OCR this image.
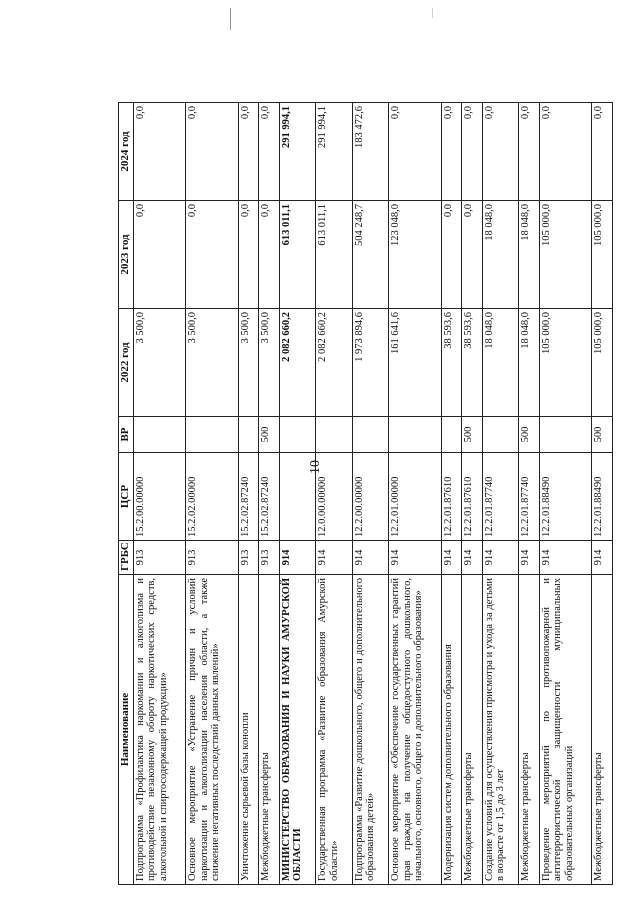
10
Наименование	ГРБС	ЦСР	ВР	2022 год	2023 год	2024 год
Подпрограмма «Профилактика наркомании и алкоголизма и противодействие незаконному обороту наркотических средств, алкогольной и спиртосодержащей продукции»	913	15.2.00.00000		3 500,0	0,0	0,0
Основное мероприятие «Устранение причин и условий наркотизации и алкоголизации населения области, а также снижение негативных последствий данных явлений»	913	15.2.02.00000		3 500,0	0,0	0,0
Уничтожение сырьевой базы конопли	913	15.2.02.87240		3 500,0	0,0	0,0
Межбюджетные трансферты	913	15.2.02.87240	500	3 500,0	0,0	0,0
МИНИСТЕРСТВО ОБРАЗОВАНИЯ И НАУКИ АМУРСКОЙ ОБЛАСТИ	914			2 082 660,2	613 011,1	291 994,1
Государственная программа «Развитие образования Амурской области»	914	12.0.00.00000		2 082 660,2	613 011,1	291 994,1
Подпрограмма «Развитие дошкольного, общего и дополнительного образования детей»	914	12.2.00.00000		1 973 894,6	504 248,7	183 472,6
Основное мероприятие «Обеспечение государственных гарантий прав граждан на получение общедоступного дошкольного, начального, основного, общего и дополнительного образования»	914	12.2.01.00000		161 641,6	123 048,0	0,0
Модернизация систем дополнительного образования	914	12.2.01.87610		38 593,6	0,0	0,0
Межбюджетные трансферты	914	12.2.01.87610	500	38 593,6	0,0	0,0
Создание условий для осуществления присмотра и ухода за детьми в возрасте от 1,5 до 3 лет	914	12.2.01.87740		18 048,0	18 048,0	0,0
Межбюджетные трансферты	914	12.2.01.87740	500	18 048,0	18 048,0	0,0
Проведение мероприятий по противопожарной и антитеррористической защищенности муниципальных образовательных организаций	914	12.2.01.88490		105 000,0	105 000,0	0,0
Межбюджетные трансферты	914	12.2.01.88490	500	105 000,0	105 000,0	0,0
